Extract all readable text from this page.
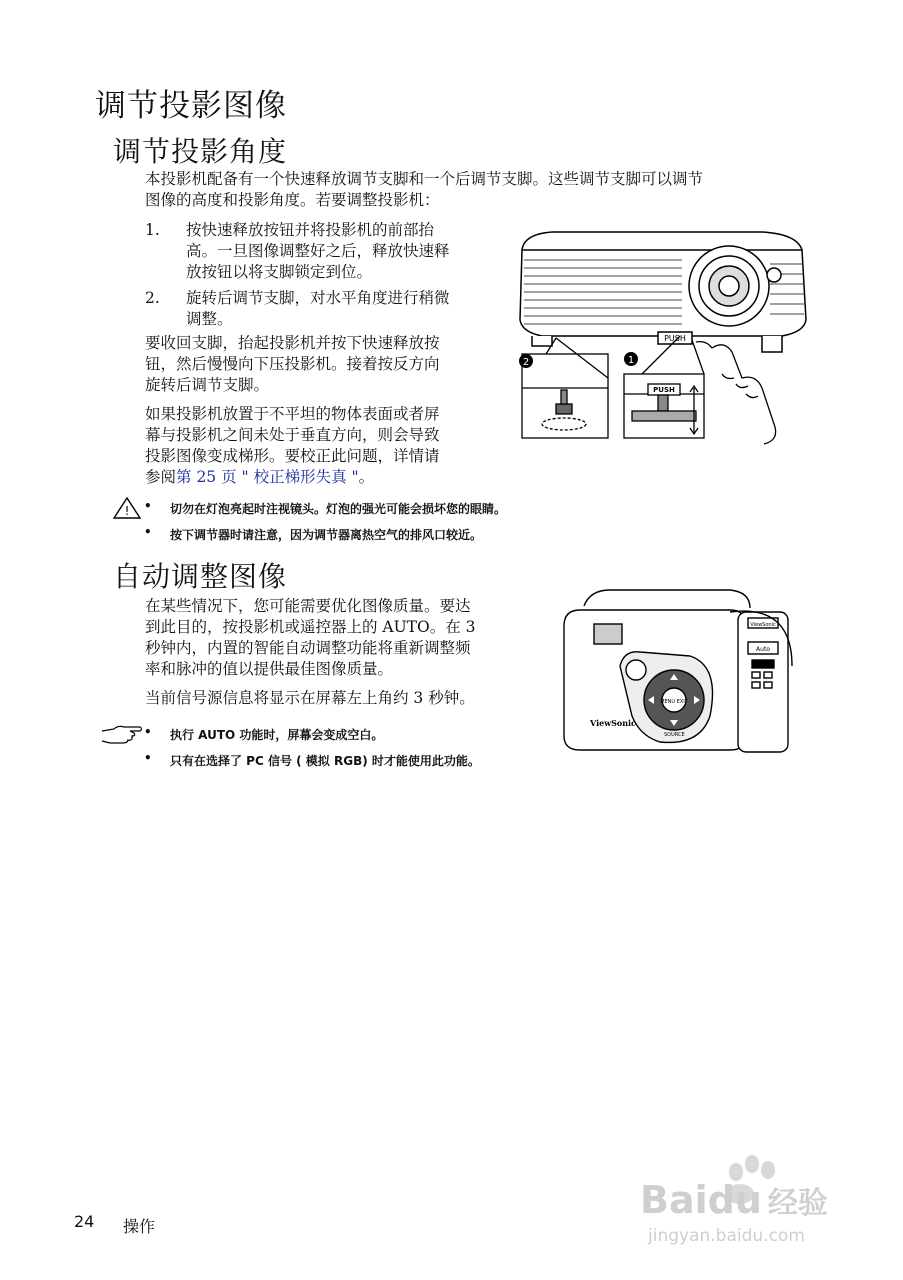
调节投影图像
调节投影角度
本投影机配备有一个快速释放调节支脚和一个后调节支脚。这些调节支脚可以调节
图像的高度和投影角度。若要调整投影机：
1. 按快速释放按钮并将投影机的前部抬
高。一旦图像调整好之后，释放快速释
放按钮以将支脚锁定到位。
2. 旋转后调节支脚，对水平角度进行稍微
调整。
要收回支脚，抬起投影机并按下快速释放按
钮，然后慢慢向下压投影机。接着按反方向
旋转后调节支脚。
如果投影机放置于不平坦的物体表面或者屏
幕与投影机之间未处于垂直方向，则会导致
投影图像变成梯形。要校正此问题，详情请
参阅第 25 页 " 校正梯形失真 "。
PUSH
PUSH
1
2
! • 切勿在灯泡亮起时注视镜头。灯泡的强光可能会损坏您的眼睛。
• 按下调节器时请注意，因为调节器离热空气的排风口较近。
自动调整图像
在某些情况下，您可能需要优化图像质量。要达
到此目的，按投影机或遥控器上的 AUTO。在 3
秒钟内，内置的智能自动调整功能将重新调整频
率和脉冲的值以提供最佳图像质量。
当前信号源信息将显示在屏幕左上角约 3 秒钟。
ViewSonic
MENU EXIT
SOURCE
Auto
ViewSonic
• 执行 AUTO 功能时，屏幕会变成空白。
• 只有在选择了 PC 信号 ( 模拟 RGB) 时才能使用此功能。
24 操作
Baidu 经验
jingyan.baidu.com
